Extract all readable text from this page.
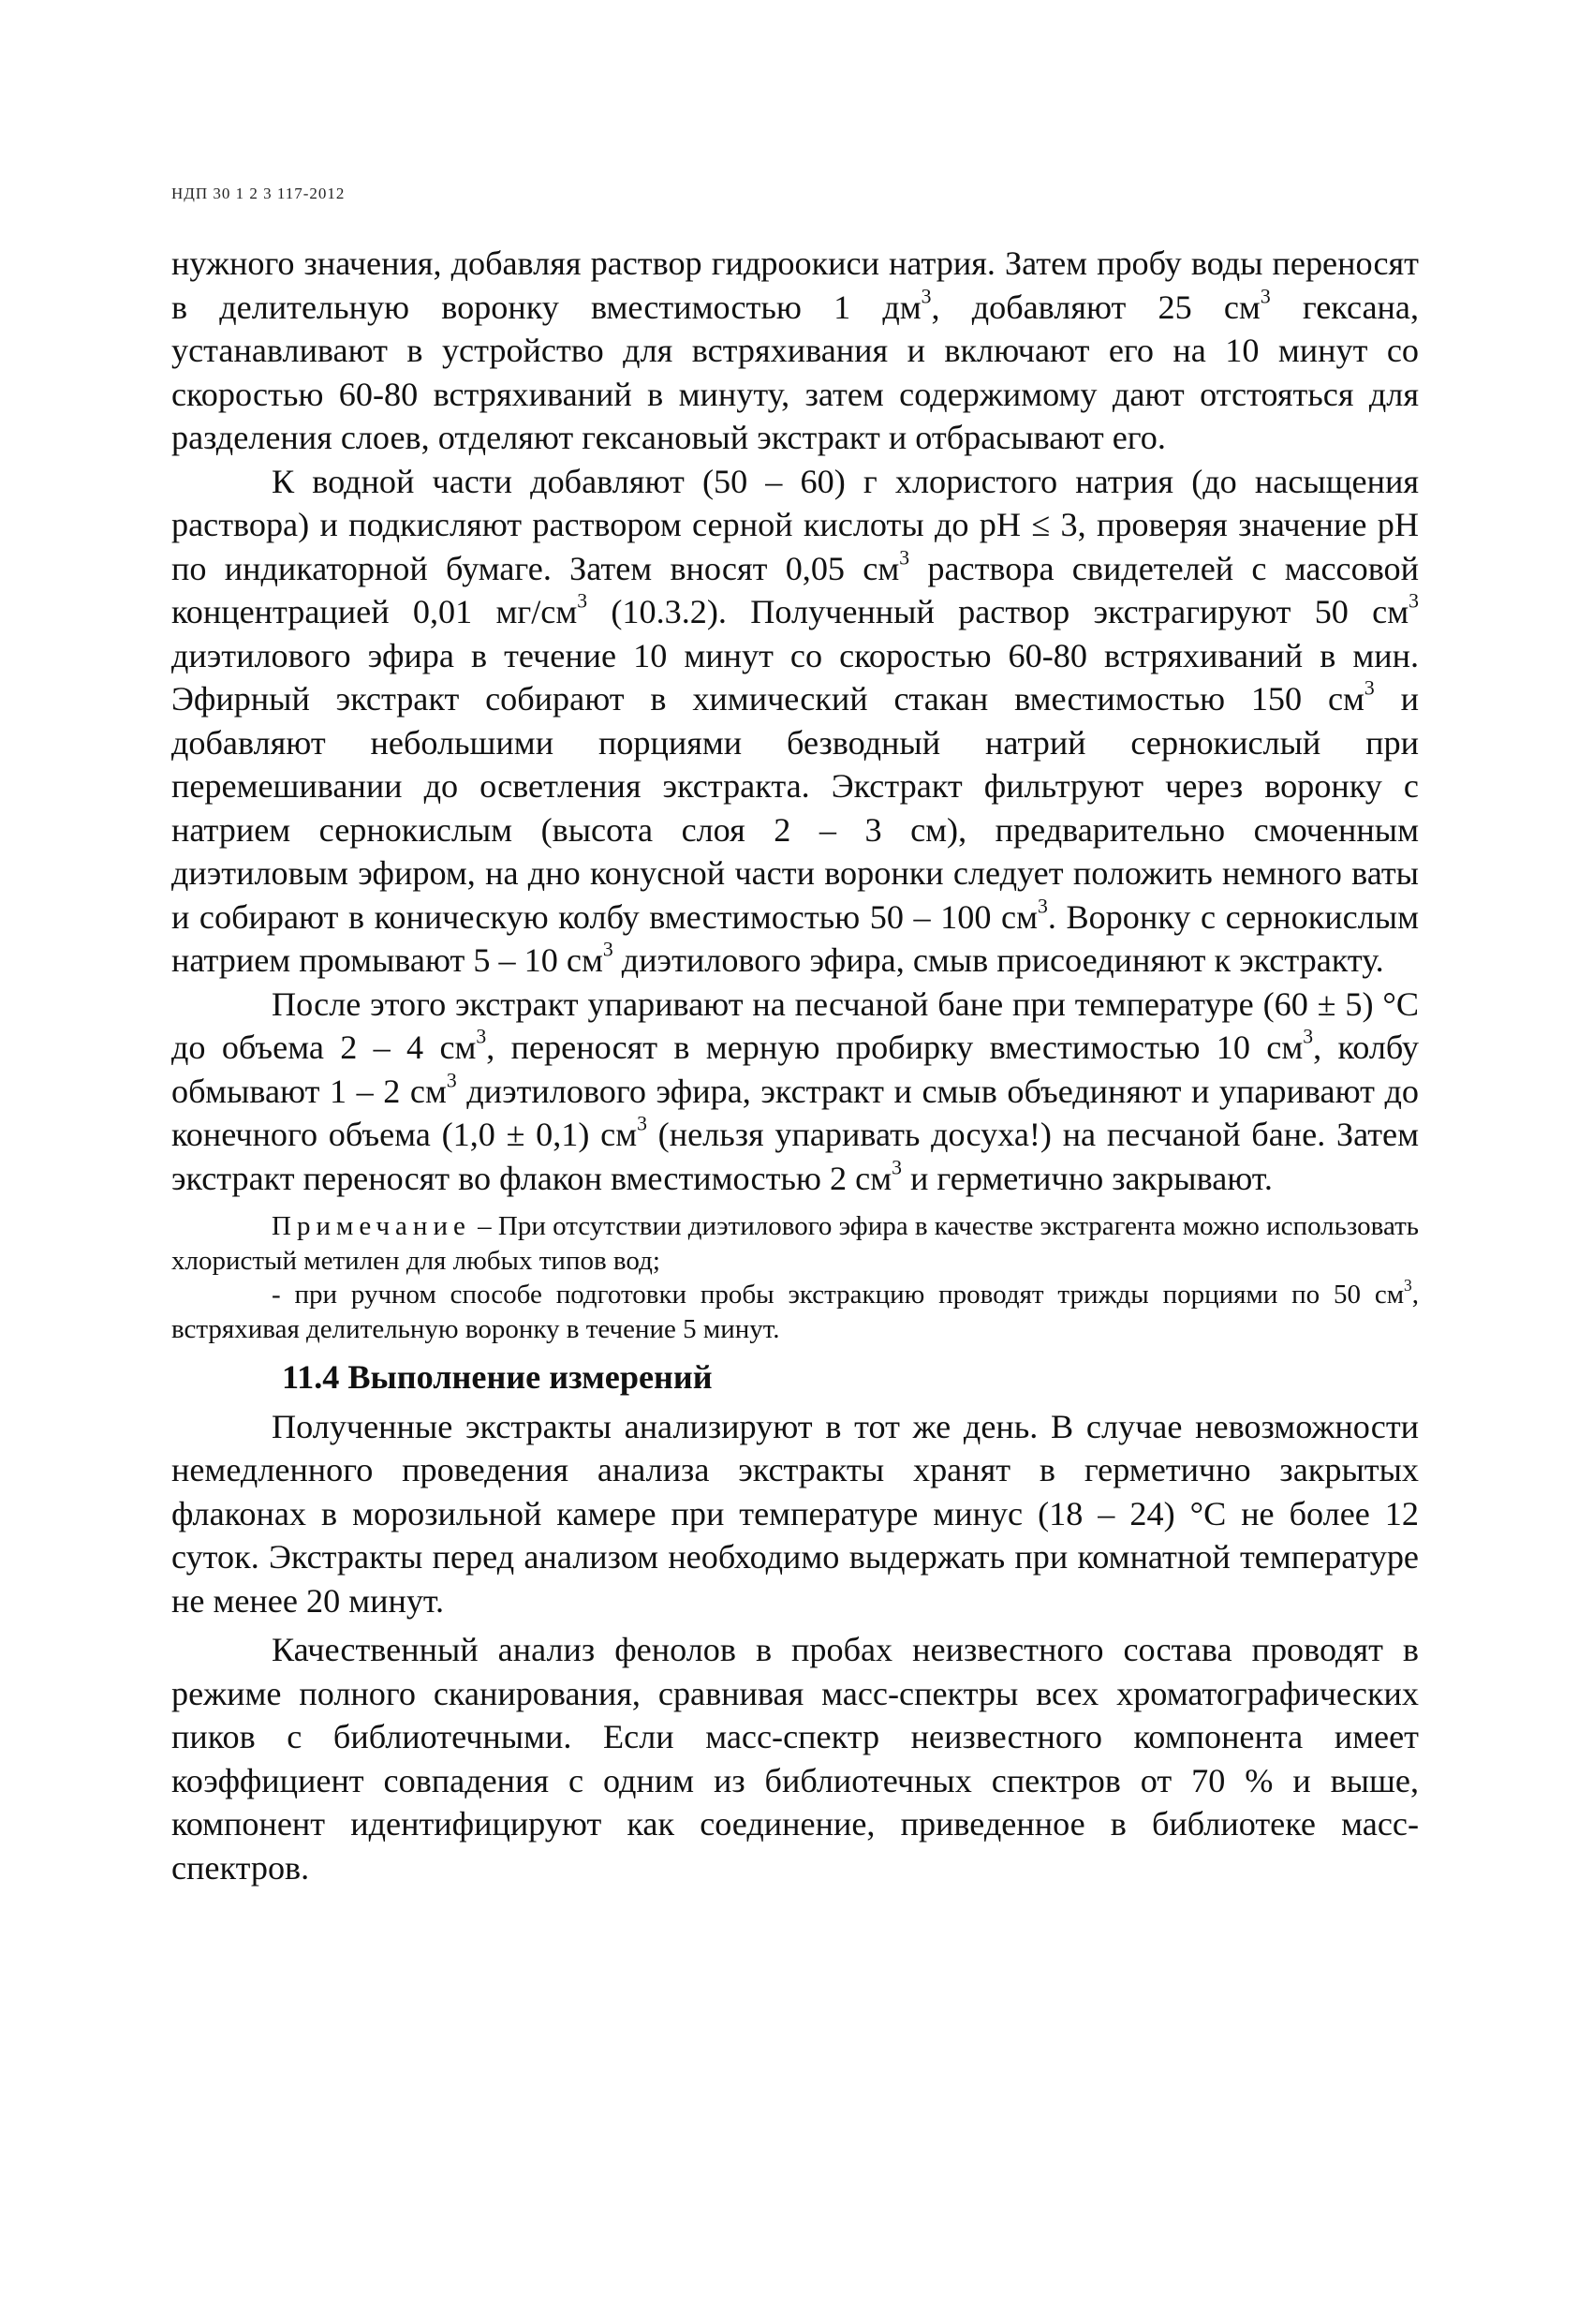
НДП 30 1 2 3 117-2012

нужного значения, добавляя раствор гидроокиси натрия. Затем пробу воды переносят в делительную воронку вместимостью 1 $дм^3$, добавляют 25 $см^3$ гексана, устанавливают в устройство для встряхивания и включают его на 10 минут со скоростью 60-80 встряхиваний в минуту, затем содержимому дают отстояться для разделения слоев, отделяют гексановый экстракт и отбрасывают его.

К водной части добавляют (50 – 60) г хлористого натрия (до насыщения раствора) и подкисляют раствором серной кислоты до рН ≤ 3, проверяя значение рН по индикаторной бумаге. Затем вносят 0,05 $см^3$ раствора свидетелей с массовой концентрацией 0,01 $мг/см^3$ (10.3.2). Полученный раствор экстрагируют 50 $см^3$ диэтилового эфира в течение 10 минут со скоростью 60-80 встряхиваний в мин. Эфирный экстракт собирают в химический стакан вместимостью 150 $см^3$ и добавляют небольшими порциями безводный натрий сернокислый при перемешивании до осветления экстракта. Экстракт фильтруют через воронку с натрием сернокислым (высота слоя 2 – 3 см), предварительно смоченным диэтиловым эфиром, на дно конусной части воронки следует положить немного ваты и собирают в коническую колбу вместимостью 50 – 100 $см^3$. Воронку с сернокислым натрием промывают 5 – 10 $см^3$ диэтилового эфира, смыв присоединяют к экстракту.

После этого экстракт упаривают на песчаной бане при температуре (60 ± 5) °С до объема 2 – 4 $см^3$, переносят в мерную пробирку вместимостью 10 $см^3$, колбу обмывают 1 – 2 $см^3$ диэтилового эфира, экстракт и смыв объединяют и упаривают до конечного объема (1,0 ± 0,1) $см^3$ (нельзя упаривать досуха!) на песчаной бане. Затем экстракт переносят во флакон вместимостью 2 $см^3$ и герметично закрывают.

Примечание – При отсутствии диэтилового эфира в качестве экстрагента можно использовать хлористый метилен для любых типов вод;

- при ручном способе подготовки пробы экстракцию проводят трижды порциями по 50 $см^3$, встряхивая делительную воронку в течение 5 минут.

11.4 Выполнение измерений

Полученные экстракты анализируют в тот же день. В случае невозможности немедленного проведения анализа экстракты хранят в герметично закрытых флаконах в морозильной камере при температуре минус (18 – 24) °С не более 12 суток. Экстракты перед анализом необходимо выдержать при комнатной температуре не менее 20 минут.

Качественный анализ фенолов в пробах неизвестного состава проводят в режиме полного сканирования, сравнивая масс-спектры всех хроматографических пиков с библиотечными. Если масс-спектр неизвестного компонента имеет коэффициент совпадения с одним из библиотечных спектров от 70 % и выше, компонент идентифицируют как соединение, приведенное в библиотеке масс-спектров.
